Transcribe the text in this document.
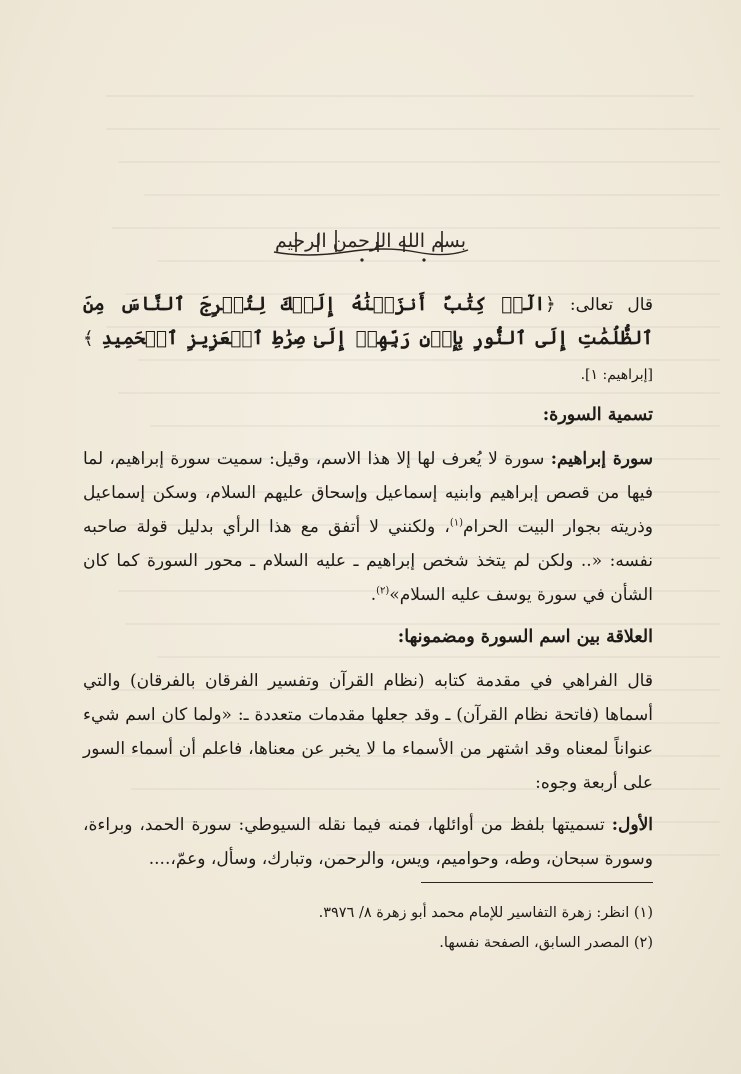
بسم الله الرحمن الرحيم

قال تعالى: ﴿الٓرۚ كِتَٰبٌ أَنزَلۡنَٰهُ إِلَيۡكَ لِتُخۡرِجَ ٱلنَّاسَ مِنَ ٱلظُّلُمَٰتِ إِلَى ٱلنُّورِ بِإِذۡنِ رَبِّهِمۡ إِلَىٰ صِرَٰطِ ٱلۡعَزِيزِ ٱلۡحَمِيدِ ﴾ [إبراهيم: ١].

تسمية السورة:

سورة إبراهيم: سورة لا يُعرف لها إلا هذا الاسم، وقيل: سميت سورة إبراهيم، لما فيها من قصص إبراهيم وابنيه إسماعيل وإسحاق عليهم السلام، وسكن إسماعيل وذريته بجوار البيت الحرام$^{(١)}$، ولكنني لا أتفق مع هذا الرأي بدليل قولة صاحبه نفسه: «.. ولكن لم يتخذ شخص إبراهيم ـ عليه السلام ـ محور السورة كما كان الشأن في سورة يوسف عليه السلام»$^{(٢)}$.

العلاقة بين اسم السورة ومضمونها:

قال الفراهي في مقدمة كتابه (نظام القرآن وتفسير الفرقان بالفرقان) والتي أسماها (فاتحة نظام القرآن) ـ وقد جعلها مقدمات متعددة ـ: «ولما كان اسم شيء عنواناً لمعناه وقد اشتهر من الأسماء ما لا يخبر عن معناها، فاعلم أن أسماء السور على أربعة وجوه:

الأول: تسميتها بلفظ من أوائلها، فمنه فيما نقله السيوطي: سورة الحمد، وبراءة، وسورة سبحان، وطه، وحواميم، ويس، والرحمن، وتبارك، وسأل، وعمّ،....

(١) انظر: زهرة التفاسير للإمام محمد أبو زهرة ٨/ ٣٩٧٦.

(٢) المصدر السابق، الصفحة نفسها.
